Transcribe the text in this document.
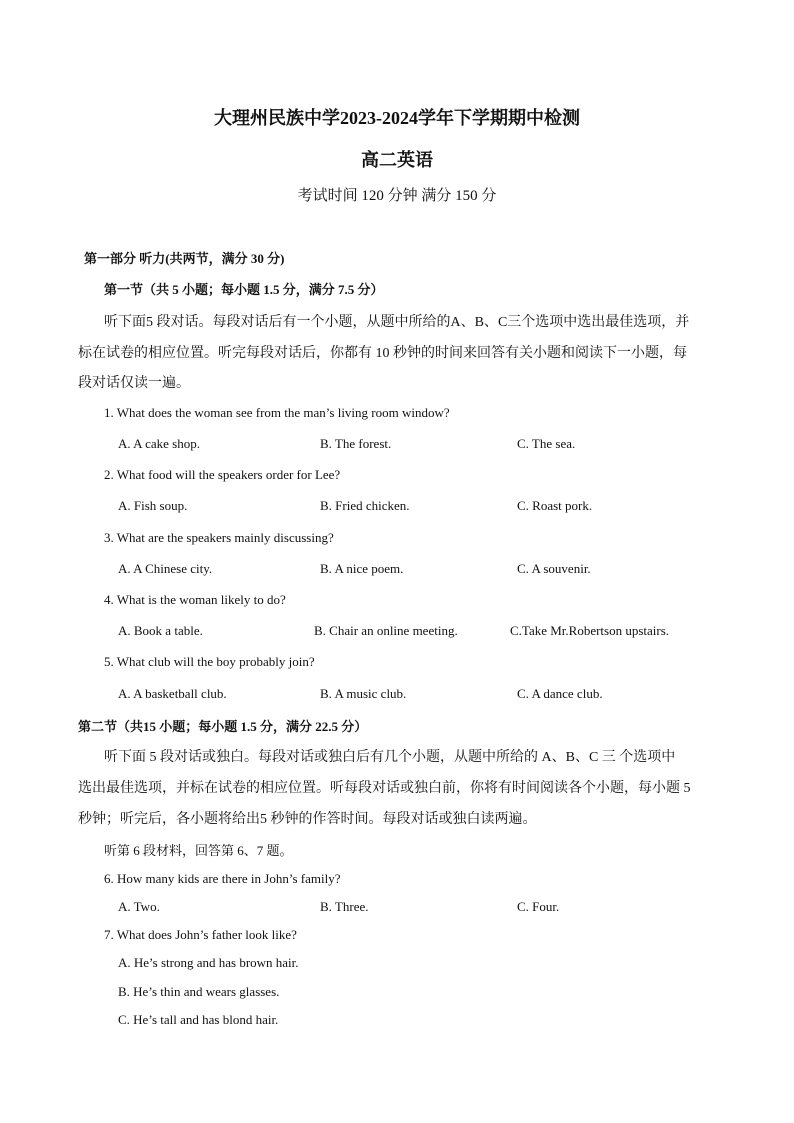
大理州民族中学2023-2024学年下学期期中检测
高二英语
考试时间 120 分钟 满分 150 分
第一部分 听力(共两节，满分 30 分)
第一节（共 5 小题；每小题 1.5 分，满分 7.5 分）
听下面5 段对话。每段对话后有一个小题，从题中所给的A、B、C三个选项中选出最佳选项，并
标在试卷的相应位置。听完每段对话后，你都有 10 秒钟的时间来回答有关小题和阅读下一小题，每
段对话仅读一遍。
1. What does the woman see from the man’s living room window?
A. A cake shop.	B. The forest.	C. The sea.
2. What food will the speakers order for Lee?
A. Fish soup.	B. Fried chicken.	C. Roast pork.
3. What are the speakers mainly discussing?
A. A Chinese city.	B. A nice poem.	C. A souvenir.
4. What is the woman likely to do?
A. Book a table.	B. Chair an online meeting.	C.Take Mr.Robertson upstairs.
5. What club will the boy probably join?
A. A basketball club.	B. A music club.	C. A dance club.
第二节（共15 小题；每小题 1.5 分，满分 22.5 分）
听下面 5 段对话或独白。每段对话或独白后有几个小题，从题中所给的 A、B、C 三 个选项中
选出最佳选项，并标在试卷的相应位置。听每段对话或独白前，你将有时间阅读各个小题，每小题 5
秒钟；听完后，各小题将给出5 秒钟的作答时间。每段对话或独白读两遍。
听第 6 段材料，回答第 6、7 题。
6. How many kids are there in John’s family?
A. Two.	B. Three.	C. Four.
7. What does John’s father look like?
A. He’s strong and has brown hair.
B. He’s thin and wears glasses.
C. He’s tall and has blond hair.
